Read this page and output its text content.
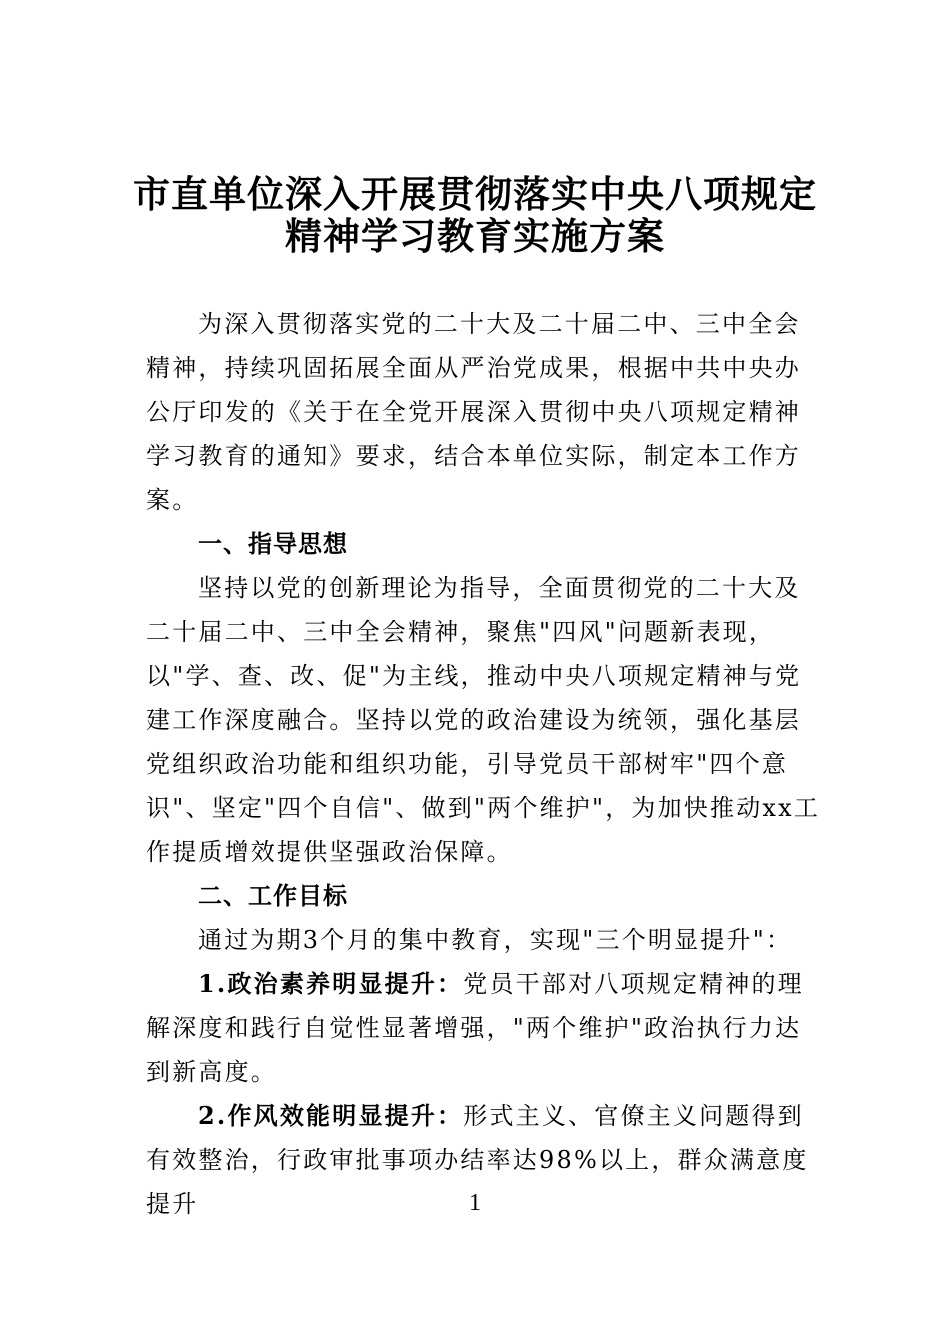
市直单位深入开展贯彻落实中央八项规定
精神学习教育实施方案

为深入贯彻落实党的二十大及二十届二中、三中全会精神，持续巩固拓展全面从严治党成果，根据中共中央办公厅印发的《关于在全党开展深入贯彻中央八项规定精神学习教育的通知》要求，结合本单位实际，制定本工作方案。

一、指导思想

坚持以党的创新理论为指导，全面贯彻党的二十大及二十届二中、三中全会精神，聚焦"四风"问题新表现，以"学、查、改、促"为主线，推动中央八项规定精神与党建工作深度融合。坚持以党的政治建设为统领，强化基层党组织政治功能和组织功能，引导党员干部树牢"四个意识"、坚定"四个自信"、做到"两个维护"，为加快推动xx工作提质增效提供坚强政治保障。

二、工作目标

通过为期3个月的集中教育，实现"三个明显提升"：

1.政治素养明显提升：党员干部对八项规定精神的理解深度和践行自觉性显著增强，"两个维护"政治执行力达到新高度。

2.作风效能明显提升：形式主义、官僚主义问题得到有效整治，行政审批事项办结率达98%以上，群众满意度提升	1
